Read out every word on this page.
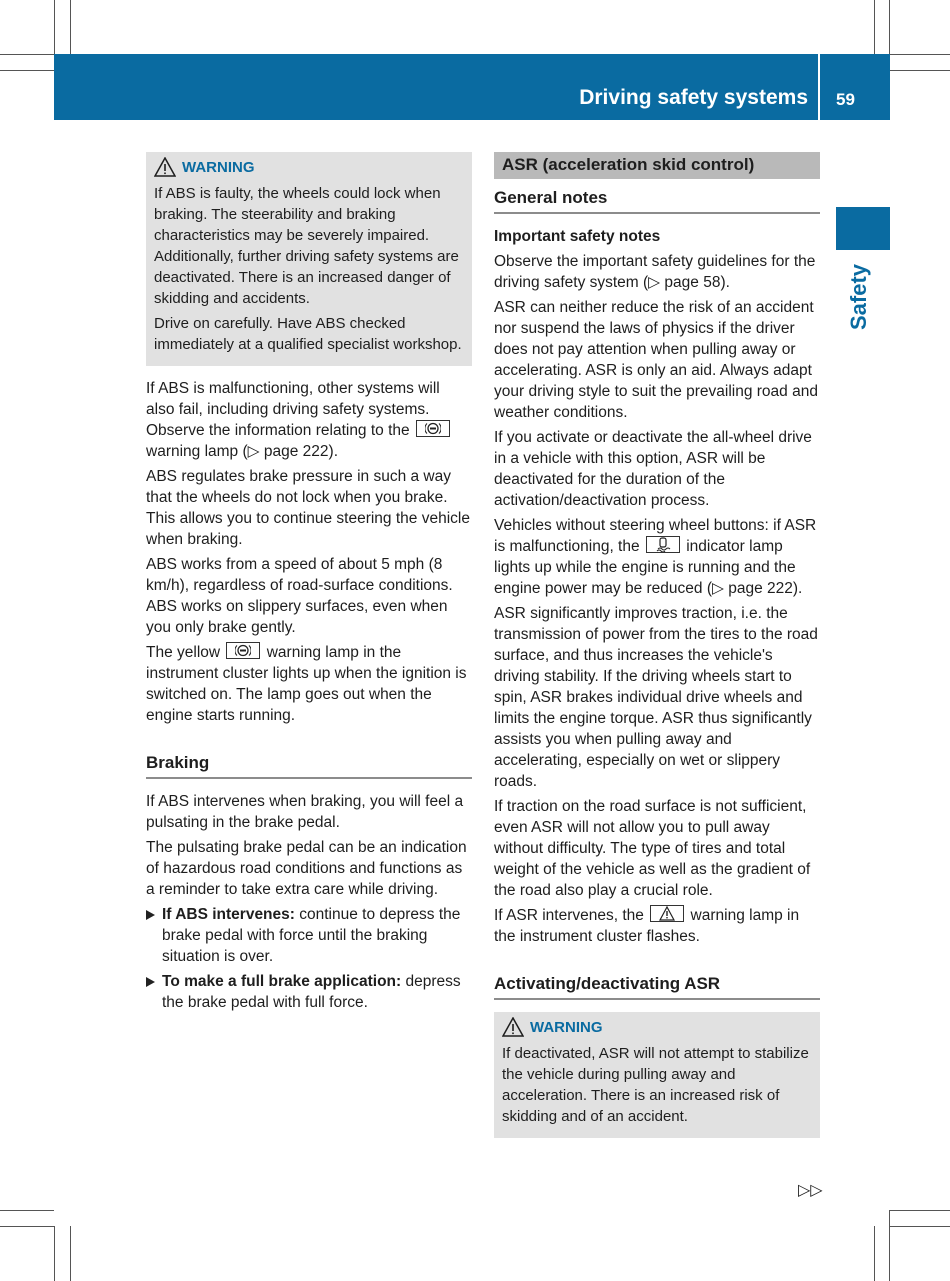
Driving safety systems 59
Safety
WARNING

If ABS is faulty, the wheels could lock when braking. The steerability and braking characteristics may be severely impaired. Additionally, further driving safety systems are deactivated. There is an increased danger of skidding and accidents.

Drive on carefully. Have ABS checked immediately at a qualified specialist workshop.

If ABS is malfunctioning, other systems will also fail, including driving safety systems. Observe the information relating to the
warning lamp (▷ page 222).

ABS regulates brake pressure in such a way that the wheels do not lock when you brake. This allows you to continue steering the vehicle when braking.

ABS works from a speed of about 5 mph (8 km/h), regardless of road-surface conditions. ABS works on slippery surfaces, even when you only brake gently.

The yellow	warning lamp in the instrument cluster lights up when the ignition is switched on. The lamp goes out when the engine starts running.

Braking

If ABS intervenes when braking, you will feel a pulsating in the brake pedal.

The pulsating brake pedal can be an indication of hazardous road conditions and functions as a reminder to take extra care while driving.

If ABS intervenes: continue to depress the brake pedal with force until the braking situation is over.
To make a full brake application: depress the brake pedal with full force.
ASR (acceleration skid control)
General notes
Important safety notes

Observe the important safety guidelines for the driving safety system (▷ page 58).

ASR can neither reduce the risk of an accident nor suspend the laws of physics if the driver does not pay attention when pulling away or accelerating. ASR is only an aid. Always adapt your driving style to suit the prevailing road and weather conditions.

If you activate or deactivate the all-wheel drive in a vehicle with this option, ASR will be deactivated for the duration of the activation/deactivation process.

Vehicles without steering wheel buttons: if ASR is malfunctioning, the	indicator lamp lights up while the engine is running and the engine power may be reduced (▷ page 222).

ASR significantly improves traction, i.e. the transmission of power from the tires to the road surface, and thus increases the vehicle's driving stability. If the driving wheels start to spin, ASR brakes individual drive wheels and limits the engine torque. ASR thus significantly assists you when pulling away and accelerating, especially on wet or slippery roads.

If traction on the road surface is not sufficient, even ASR will not allow you to pull away without difficulty. The type of tires and total weight of the vehicle as well as the gradient of the road also play a crucial role.

If ASR intervenes, the	warning lamp in the instrument cluster flashes.

Activating/deactivating ASR
WARNING

If deactivated, ASR will not attempt to stabilize the vehicle during pulling away and acceleration. There is an increased risk of skidding and of an accident.

▷▷
